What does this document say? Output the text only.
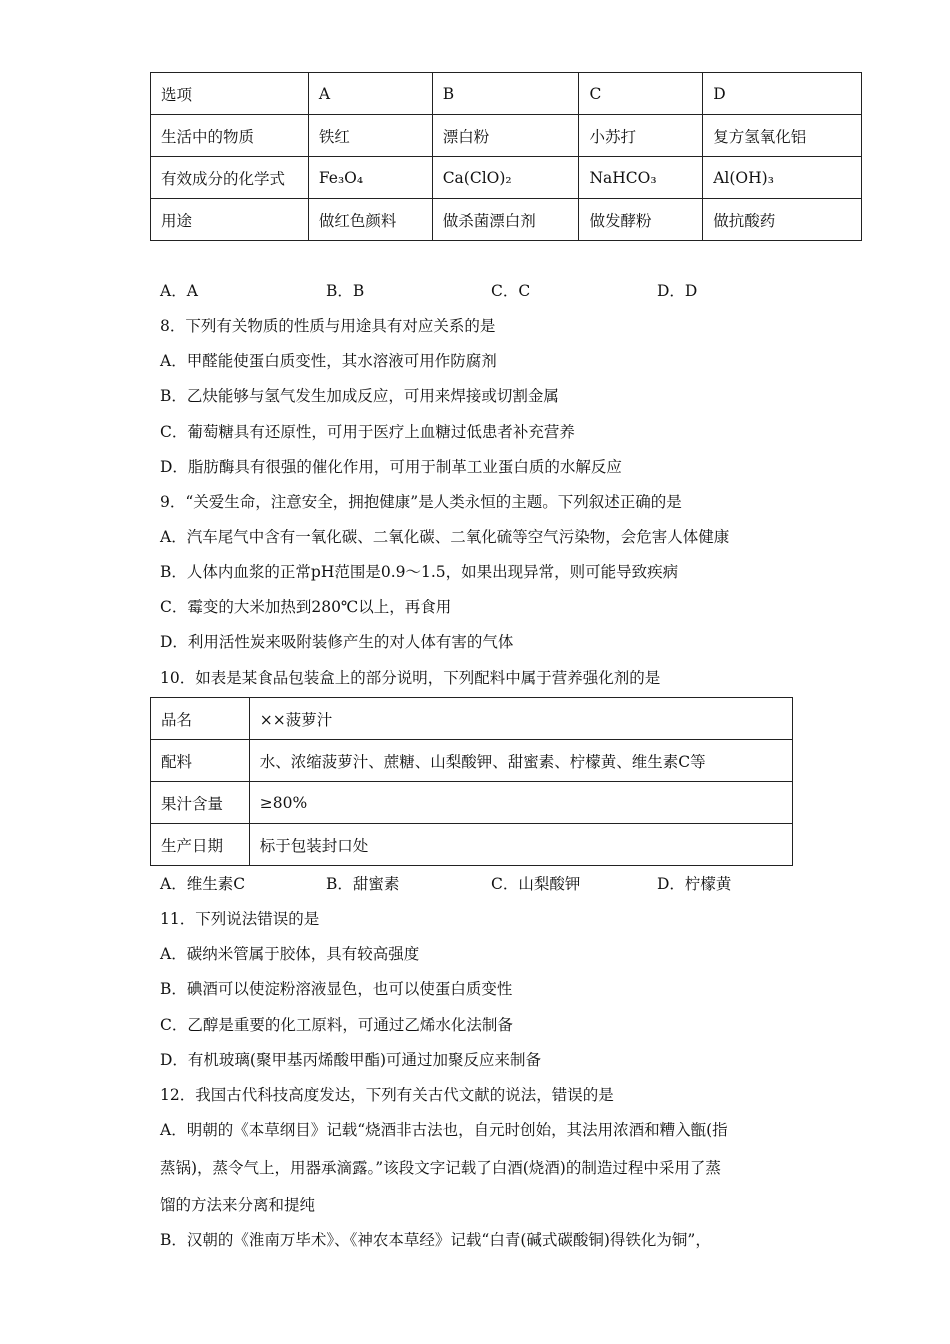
选项	A	B	C	D
生活中的物质	铁红	漂白粉	小苏打	复方氢氧化铝
有效成分的化学式	Fe₃O₄	Ca(ClO)₂	NaHCO₃	Al(OH)₃
用途	做红色颜料	做杀菌漂白剂	做发酵粉	做抗酸药
A．A	B．B	C．C	D．D
8．下列有关物质的性质与用途具有对应关系的是
A．甲醛能使蛋白质变性，其水溶液可用作防腐剂
B．乙炔能够与氢气发生加成反应，可用来焊接或切割金属
C．葡萄糖具有还原性，可用于医疗上血糖过低患者补充营养
D．脂肪酶具有很强的催化作用，可用于制革工业蛋白质的水解反应
9．“关爱生命，注意安全，拥抱健康”是人类永恒的主题。下列叙述正确的是
A．汽车尾气中含有一氧化碳、二氧化碳、二氧化硫等空气污染物，会危害人体健康
B．人体内血浆的正常pH范围是0.9～1.5，如果出现异常，则可能导致疾病
C．霉变的大米加热到280℃以上，再食用
D．利用活性炭来吸附装修产生的对人体有害的气体
10．如表是某食品包装盒上的部分说明，下列配料中属于营养强化剂的是
品名	××菠萝汁
配料	水、浓缩菠萝汁、蔗糖、山梨酸钾、甜蜜素、柠檬黄、维生素C等
果汁含量	≥80%
生产日期	标于包装封口处
A．维生素C	B．甜蜜素	C．山梨酸钾	D．柠檬黄
11．下列说法错误的是
A．碳纳米管属于胶体，具有较高强度
B．碘酒可以使淀粉溶液显色，也可以使蛋白质变性
C．乙醇是重要的化工原料，可通过乙烯水化法制备
D．有机玻璃(聚甲基丙烯酸甲酯)可通过加聚反应来制备
12．我国古代科技高度发达，下列有关古代文献的说法，错误的是
A．明朝的《本草纲目》记载“烧酒非古法也，自元时创始，其法用浓酒和糟入甑(指
蒸锅)，蒸令气上，用器承滴露。”该段文字记载了白酒(烧酒)的制造过程中采用了蒸
馏的方法来分离和提纯
B．汉朝的《淮南万毕术》、《神农本草经》记载“白青(碱式碳酸铜)得铁化为铜”，
